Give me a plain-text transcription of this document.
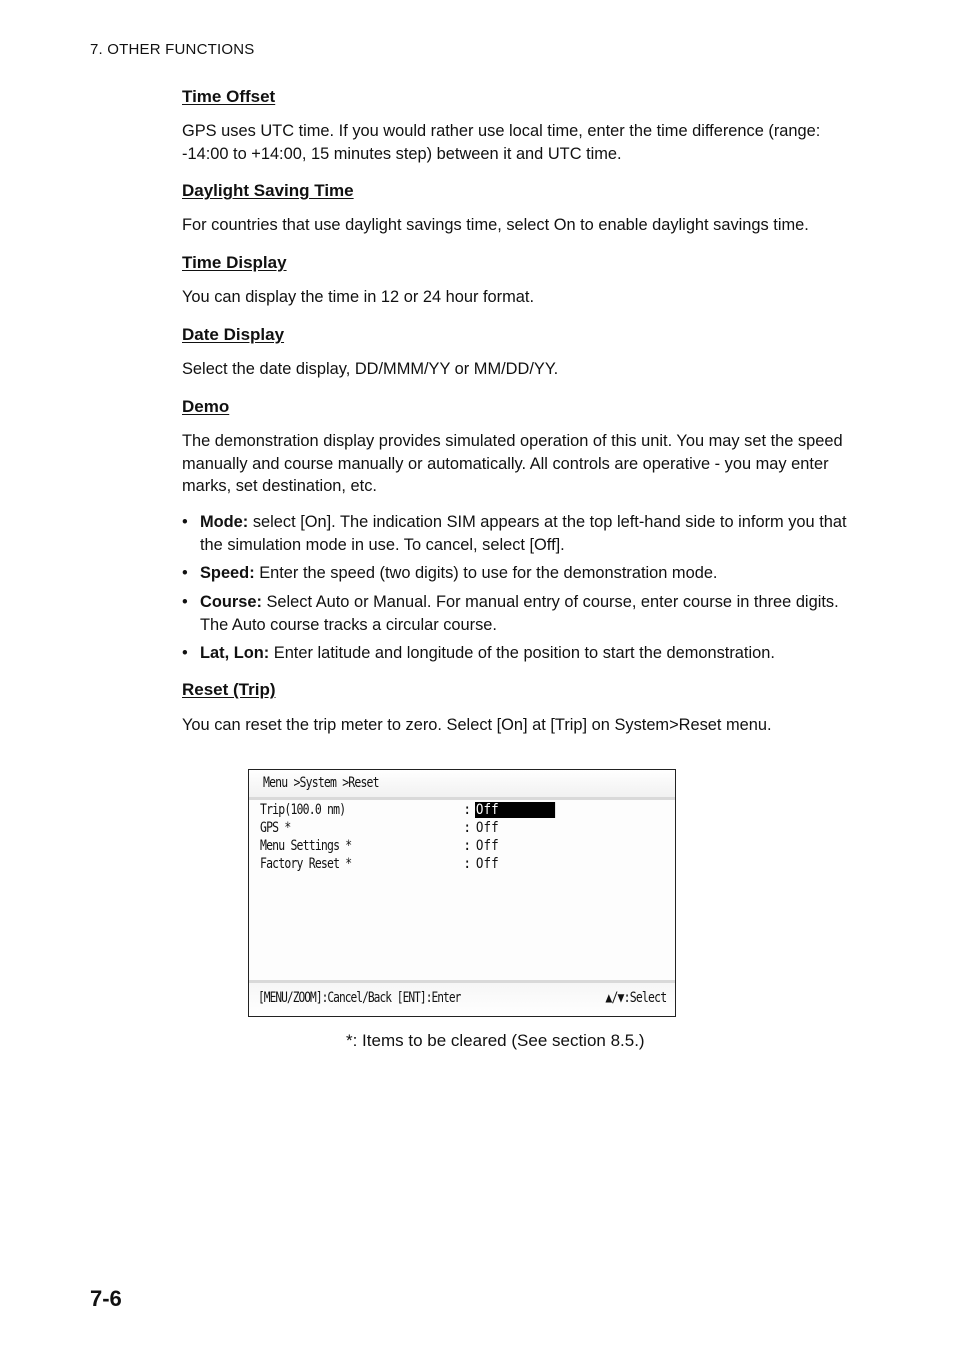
7. OTHER FUNCTIONS
Time Offset

GPS uses UTC time. If you would rather use local time, enter the time difference (range: -14:00 to +14:00, 15 minutes step) between it and UTC time.

Daylight Saving Time

For countries that use daylight savings time, select On to enable daylight savings time.

Time Display

You can display the time in 12 or 24 hour format.

Date Display

Select the date display, DD/MMM/YY or MM/DD/YY.

Demo

The demonstration display provides simulated operation of this unit. You may set the speed manually and course manually or automatically. All controls are operative - you may enter marks, set destination, etc.

• Mode: select [On]. The indication SIM appears at the top left-hand side to inform you that the simulation mode in use. To cancel, select [Off].
• Speed: Enter the speed (two digits) to use for the demonstration mode.
• Course: Select Auto or Manual. For manual entry of course, enter course in three digits. The Auto course tracks a circular course.
• Lat, Lon: Enter latitude and longitude of the position to start the demonstration.
Reset (Trip)

You can reset the trip meter to zero. Select [On] at [Trip] on System>Reset menu.

Menu >System >Reset
Trip(100.0 nm)	: Off
GPS *	: Off
Menu Settings *	: Off
Factory Reset *	: Off
[MENU/ZOOM]:Cancel/Back [ENT]:Enter	▲/▼:Select
*: Items to be cleared (See section 8.5.)
7-6
